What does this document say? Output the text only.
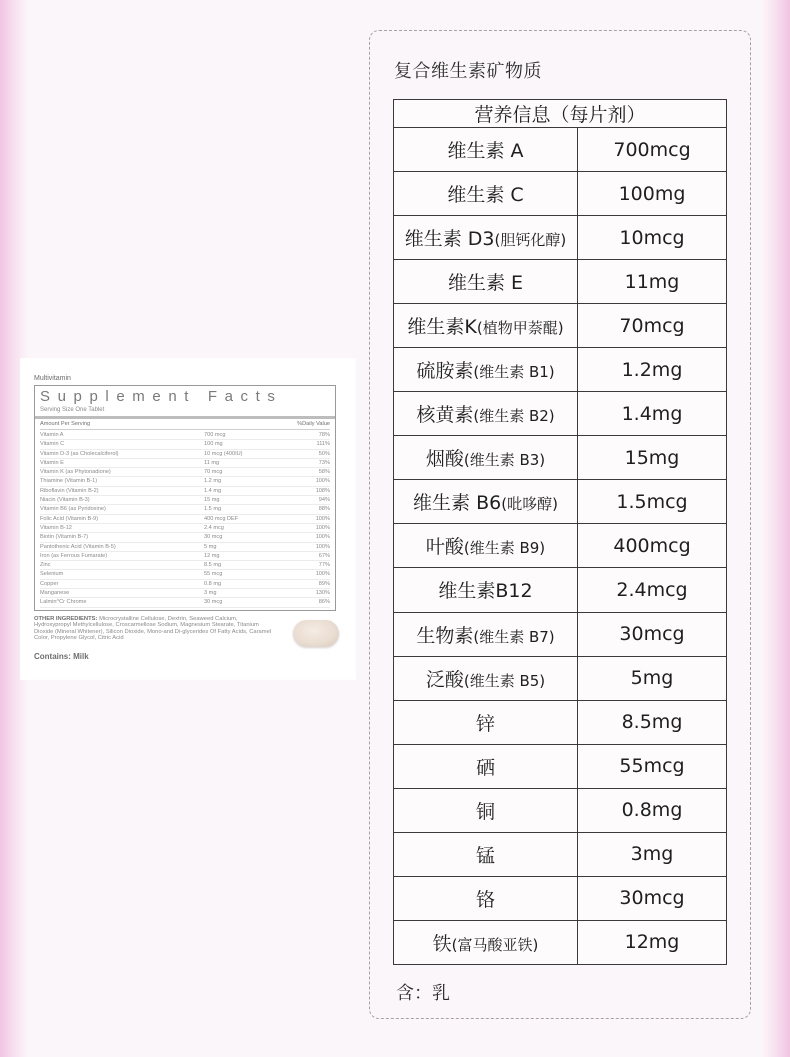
Multivitamin
Supplement Facts
Serving Size One Tablet
Amount Per Serving	%Daily Value
Vitamin A	700 mcg	78%
Vitamin C	100 mg	111%
Vitamin D-3 (as Cholecalciferol)	10 mcg (400IU)	50%
Vitamin E	11 mg	73%
Vitamin K (as Phytonadione)	70 mcg	58%
Thiamine (Vitamin B-1)	1.2 mg	100%
Riboflavin (Vitamin B-2)	1.4 mg	108%
Niacin (Vitamin B-3)	15 mg	94%
Vitamin B6 (as Pyridoxine)	1.5 mg	88%
Folic Acid (Vitamin B-9)	400 mcg DEF	100%
Vitamin B-12	2.4 mcg	100%
Biotin (Vitamin B-7)	30 mcg	100%
Pantothenic Acid (Vitamin B-5)	5 mg	100%
Iron (as Ferrous Fumarate)	12 mg	67%
Zinc	8.5 mg	77%
Selenium	55 mcg	100%
Copper	0.8 mg	89%
Manganese	3 mg	130%
Lalmin^Cr Chrome	30 mcg	86%
OTHER INGREDIENTS: Microcrystalline Cellulose, Dextrin, Seaweed Calcium, Hydroxypropyl Methylcellulose, Croscarmellose Sodium, Magnesium Stearate, Titanium Dioxide (Mineral Whitener), Silicon Dioxide, Mono-and Di-glycerides Of Fatty Acids, Caramel Color, Propylene Glycol, Citric Acid
Contains: Milk
复合维生素矿物质
营养信息（每片剂）	
维生素 A	700mcg
维生素 C	100mg
维生素 D3(胆钙化醇)	10mcg
维生素 E	11mg
维生素K(植物甲萘醌)	70mcg
硫胺素(维生素 B1)	1.2mg
核黄素(维生素 B2)	1.4mg
烟酸(维生素 B3)	15mg
维生素 B6(吡哆醇)	1.5mcg
叶酸(维生素 B9)	400mcg
维生素B12	2.4mcg
生物素(维生素 B7)	30mcg
泛酸(维生素 B5)	5mg
锌	8.5mg
硒	55mcg
铜	0.8mg
锰	3mg
铬	30mcg
铁(富马酸亚铁)	12mg
含：乳
